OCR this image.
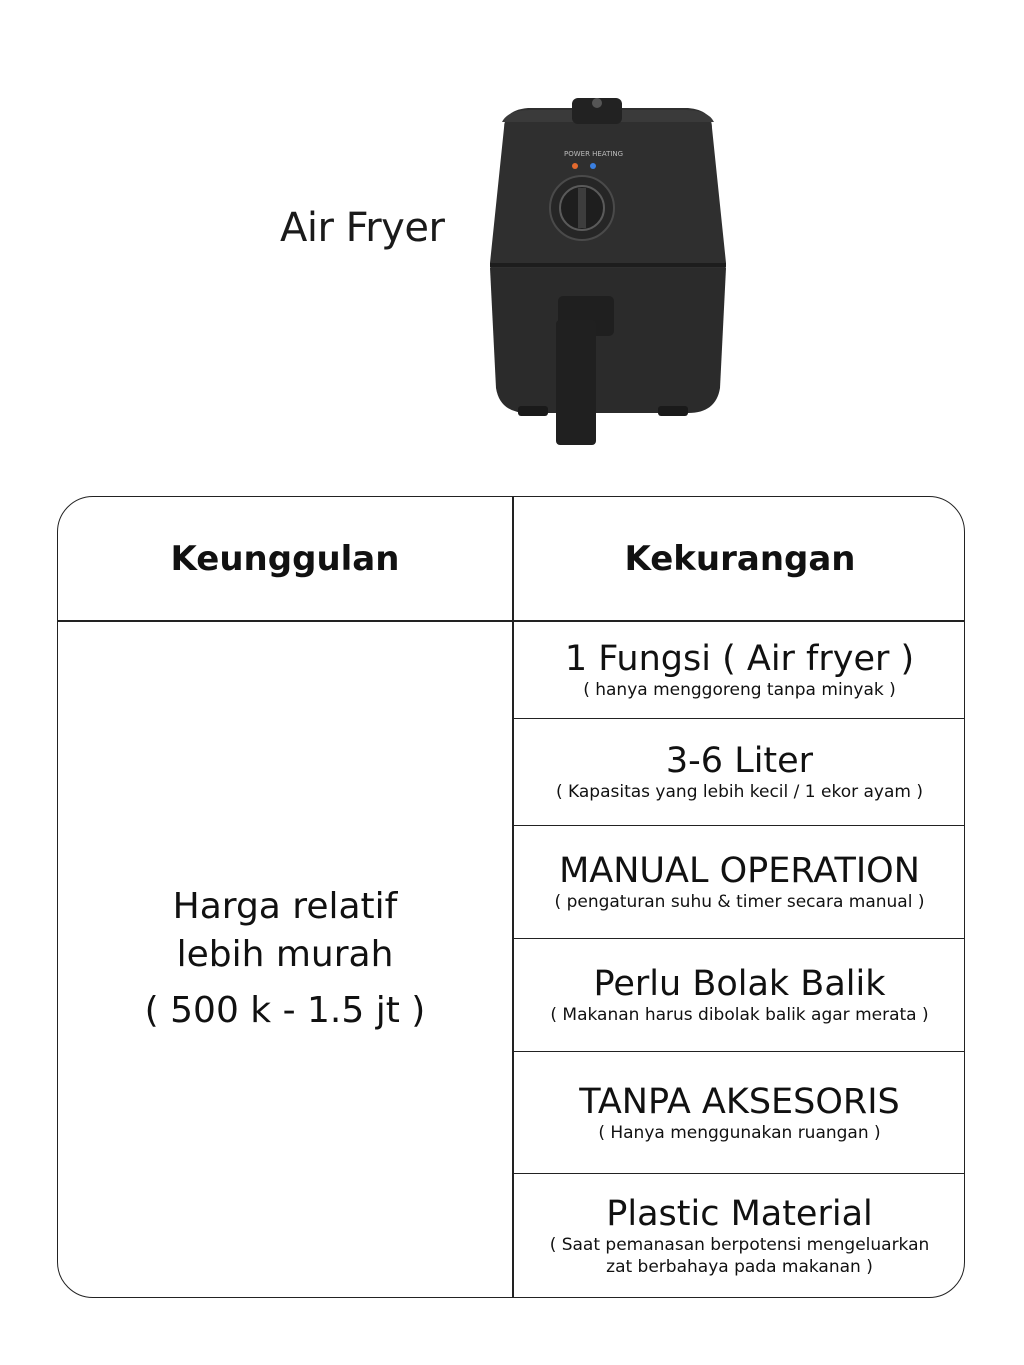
Air Fryer
POWER HEATING
Keunggulan	Kekurangan
Harga relatif
lebih murah
( 500 k - 1.5 jt )
1 Fungsi ( Air fryer )
( hanya menggoreng tanpa minyak )
3-6 Liter
( Kapasitas yang lebih kecil / 1 ekor ayam )
MANUAL OPERATION
( pengaturan suhu & timer secara manual )
Perlu Bolak Balik
( Makanan harus dibolak balik agar merata )
TANPA AKSESORIS
( Hanya menggunakan ruangan )
Plastic Material
( Saat pemanasan berpotensi mengeluarkan
zat berbahaya pada makanan )
